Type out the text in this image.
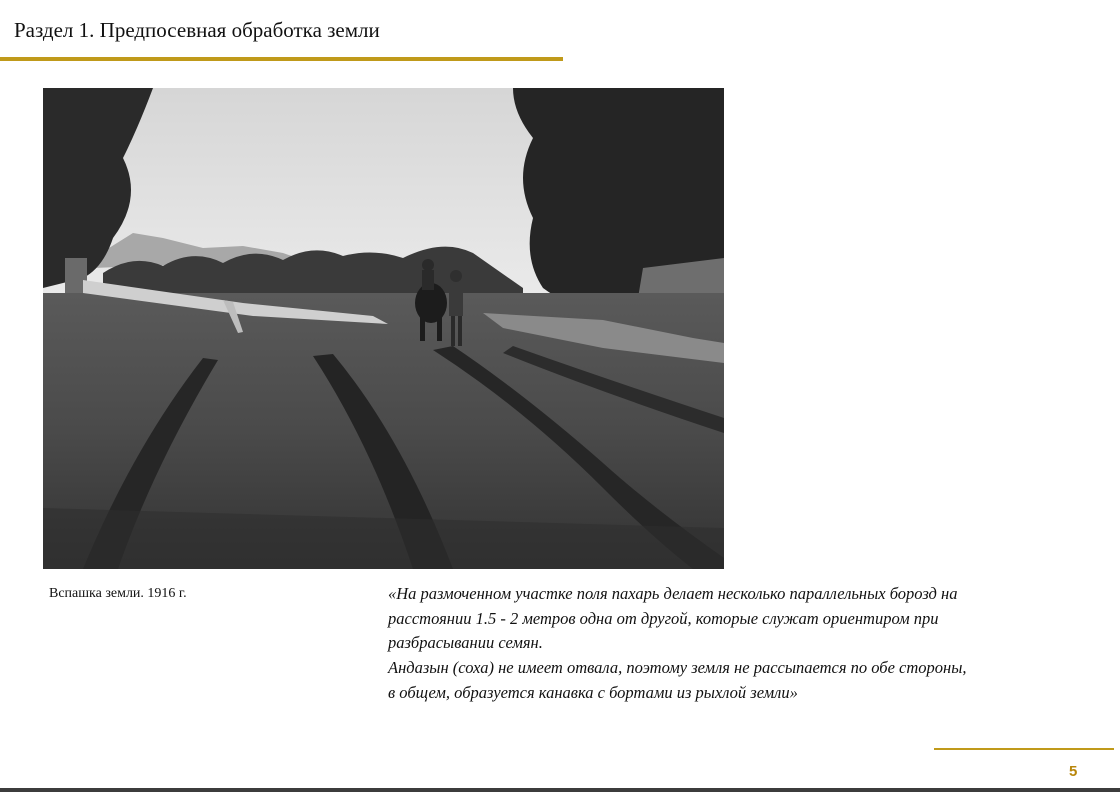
Раздел 1. Предпосевная обработка земли
Вспашка земли. 1916 г.	«На размоченном участке поля пахарь делает несколько параллельных борозд на
расстоянии 1.5 - 2 метров одна от другой, которые служат ориентиром при
разбрасывании семян.
Андазын (соха) не имеет отвала, поэтому земля не рассыпается по обе стороны,
в общем, образуется канавка с бортами из рыхлой земли»
5
